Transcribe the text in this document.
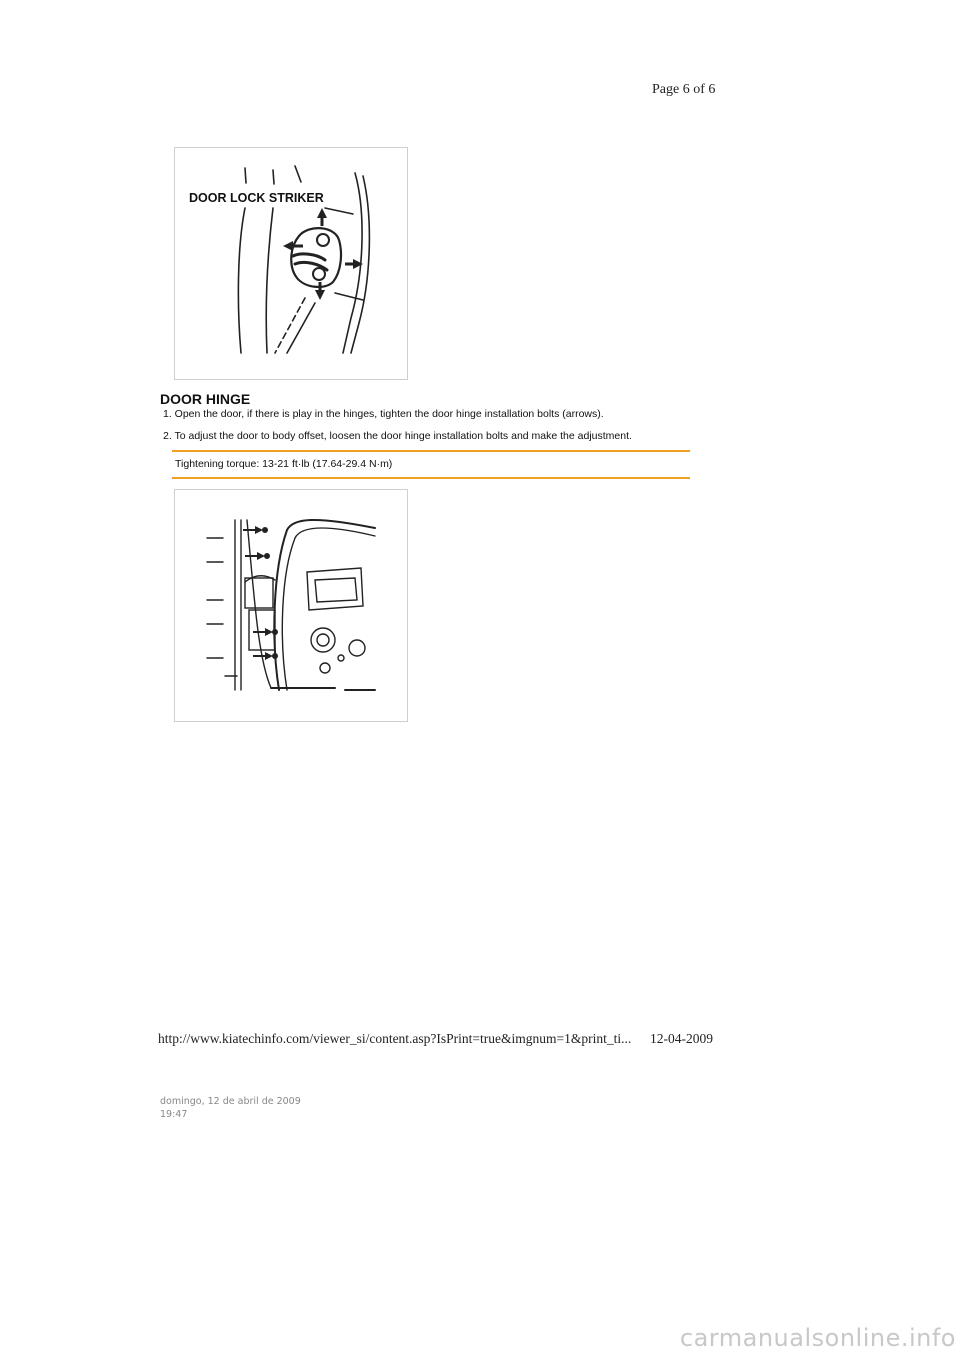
Page 6 of 6
DOOR LOCK STRIKER
DOOR HINGE
1. Open the door, if there is play in the hinges, tighten the door hinge installation bolts (arrows).
2. To adjust the door to body offset, loosen the door hinge installation bolts and make the adjustment.
Tightening torque: 13-21 ft·lb (17.64-29.4 N·m)
http://www.kiatechinfo.com/viewer_si/content.asp?IsPrint=true&imgnum=1&print_ti... 12-04-2009
domingo, 12 de abril de 2009
19:47
carmanualsonline.info
